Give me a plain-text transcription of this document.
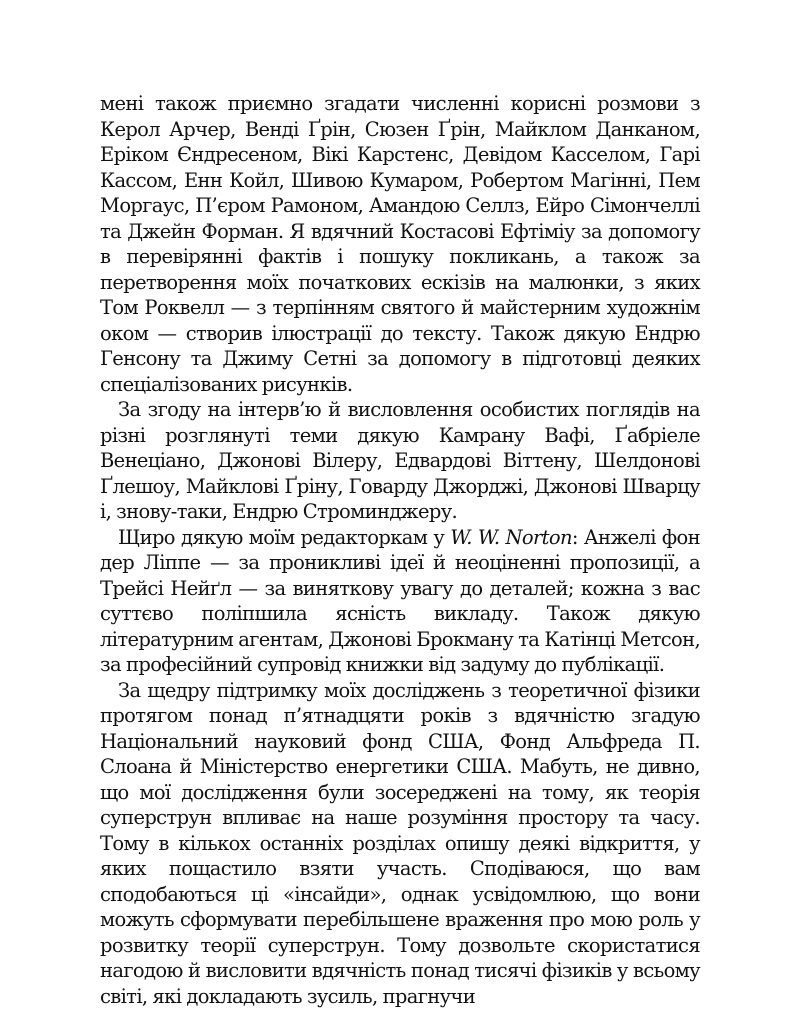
мені також приємно згадати численні корисні розмови з Керол Арчер, Венді Ґрін, Сюзен Ґрін, Майклом Данканом, Еріком Єндресеном, Вікі Карстенс, Девідом Касселом, Гарі Кассом, Енн Койл, Шивою Кумаром, Робертом Магінні, Пем Моргаус, П’єром Рамоном, Амандою Селлз, Ейро Сімончеллі та Джейн Форман. Я вдячний Костасові Ефтіміу за допомогу в перевірянні фактів і пошуку покликань, а також за перетворення моїх початкових ескізів на малюнки, з яких Том Роквелл — з терпінням святого й майстерним художнім оком — створив ілюстрації до тексту. Також дякую Ендрю Генсону та Джиму Сетні за допомогу в підготовці деяких спеціалізованих рисунків.

За згоду на інтерв’ю й висловлення особистих поглядів на різні розглянуті теми дякую Камрану Вафі, Ґабріеле Венеціано, Джонові Вілеру, Едвардові Віттену, Шелдонові Ґлешоу, Майклові Ґріну, Говарду Джорджі, Джонові Шварцу і, знову-таки, Ендрю Строминджеру.

Щиро дякую моїм редакторкам у W. W. Norton: Анжелі фон дер Ліппе — за проникливі ідеї й неоціненні пропозиції, а Трейсі Нейґл — за виняткову увагу до деталей; кожна з вас суттєво поліпшила ясність викладу. Також дякую літературним агентам, Джонові Брокману та Катінці Метсон, за професійний супровід книжки від задуму до публікації.

За щедру підтримку моїх досліджень з теоретичної фізики протягом понад п’ятнадцяти років з вдячністю згадую Національний науковий фонд США, Фонд Альфреда П. Слоана й Міністерство енергетики США. Мабуть, не дивно, що мої дослідження були зосереджені на тому, як теорія суперструн впливає на наше розуміння простору та часу. Тому в кількох останніх розділах опишу деякі відкриття, у яких пощастило взяти участь. Сподіваюся, що вам сподобаються ці «інсайди», однак усвідомлюю, що вони можуть сформувати перебільшене враження про мою роль у розвитку теорії суперструн. Тому дозвольте скористатися нагодою й висловити вдячність понад тисячі фізиків у всьому світі, які докладають зусиль, прагнучи
